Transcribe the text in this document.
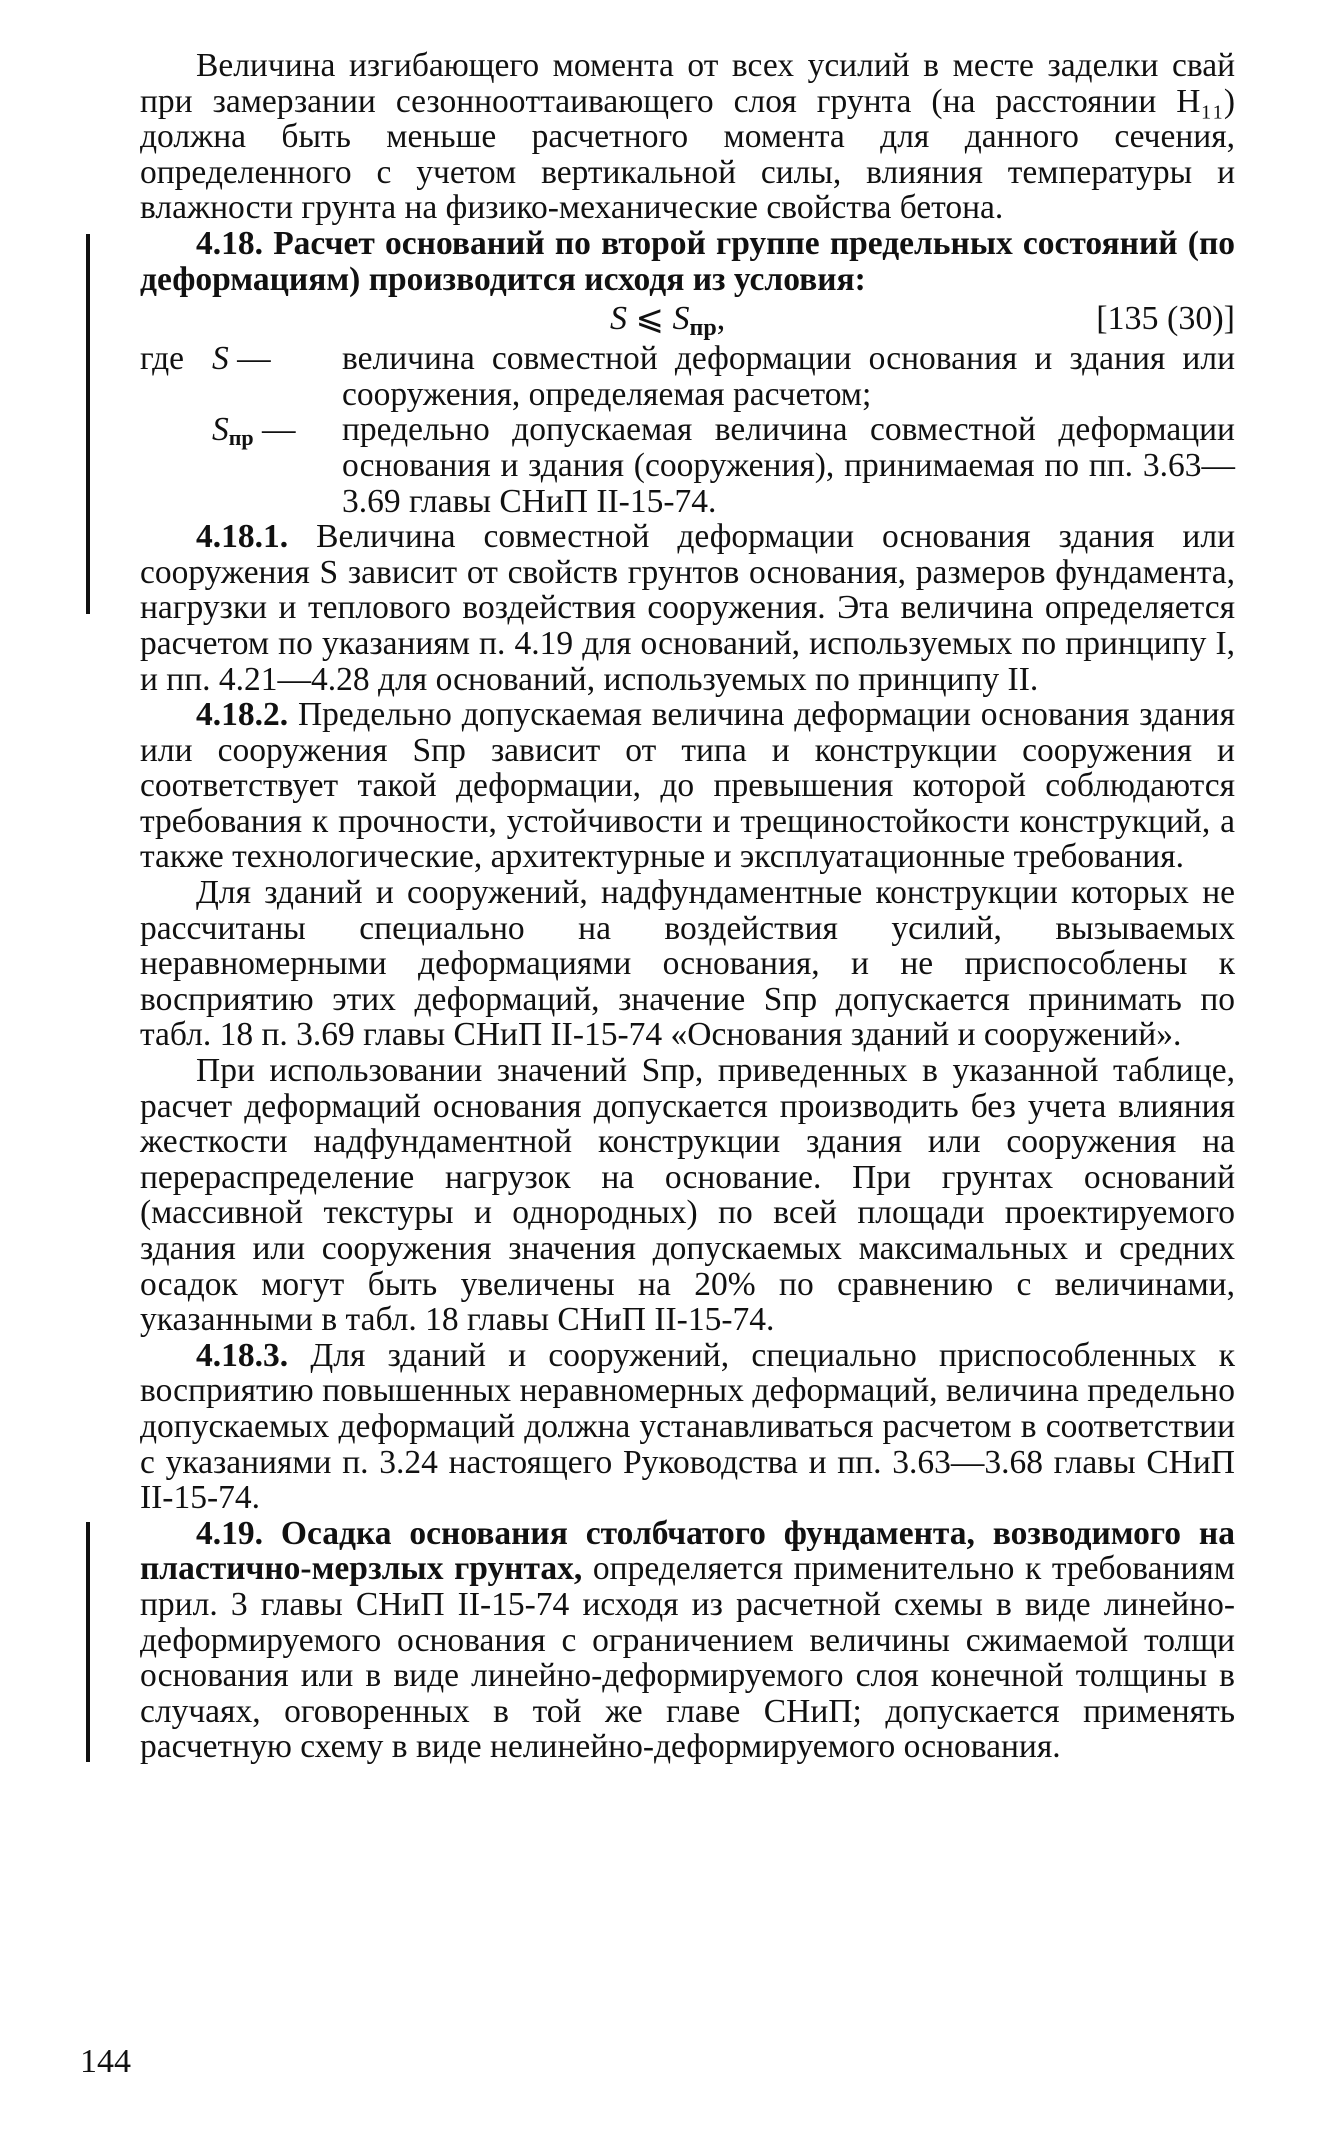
Величина изгибающего момента от всех усилий в месте заделки свай при замерзании сезонноoттаивающего слоя грунта (на расстоянии H₁₁) должна быть меньше расчетного момента для данного сечения, определенного с учетом вертикальной силы, влияния температуры и влажности грунта на физико-механические свойства бетона.

4.18. Расчет оснований по второй группе предельных состояний (по деформациям) производится исходя из условия:

S ⩽ $S_{пр}$,	[135 (30)]
где S — величина совместной деформации основания и здания или сооружения, определяемая расчетом;
$S_{пр}$ — предельно допускаемая величина совместной деформации основания и здания (сооружения), принимаемая по пп. 3.63—3.69 главы СНиП II-15-74.

4.18.1. Величина совместной деформации основания здания или сооружения S зависит от свойств грунтов основания, размеров фундамента, нагрузки и теплового воздействия сооружения. Эта величина определяется расчетом по указаниям п. 4.19 для оснований, используемых по принципу I, и пп. 4.21—4.28 для оснований, используемых по принципу II.

4.18.2. Предельно допускаемая величина деформации основания здания или сооружения Sпр зависит от типа и конструкции сооружения и соответствует такой деформации, до превышения которой соблюдаются требования к прочности, устойчивости и трещиностойкости конструкций, а также технологические, архитектурные и эксплуатационные требования.

Для зданий и сооружений, надфундаментные конструкции которых не рассчитаны специально на воздействия усилий, вызываемых неравномерными деформациями основания, и не приспособлены к восприятию этих деформаций, значение Sпр допускается принимать по табл. 18 п. 3.69 главы СНиП II-15-74 «Основания зданий и сооружений».

При использовании значений Sпр, приведенных в указанной таблице, расчет деформаций основания допускается производить без учета влияния жесткости надфундаментной конструкции здания или сооружения на перераспределение нагрузок на основание. При грунтах оснований (массивной текстуры и однородных) по всей площади проектируемого здания или сооружения значения допускаемых максимальных и средних осадок могут быть увеличены на 20% по сравнению с величинами, указанными в табл. 18 главы СНиП II-15-74.

4.18.3. Для зданий и сооружений, специально приспособленных к восприятию повышенных неравномерных деформаций, величина предельно допускаемых деформаций должна устанавливаться расчетом в соответствии с указаниями п. 3.24 настоящего Руководства и пп. 3.63—3.68 главы СНиП II-15-74.

4.19. Осадка основания столбчатого фундамента, возводимого на пластично-мерзлых грунтах, определяется применительно к требованиям прил. 3 главы СНиП II-15-74 исходя из расчетной схемы в виде линейно-деформируемого основания с ограничением величины сжимаемой толщи основания или в виде линейно-деформируемого слоя конечной толщины в случаях, оговоренных в той же главе СНиП; допускается применять расчетную схему в виде нелинейно-деформируемого основания.

144
